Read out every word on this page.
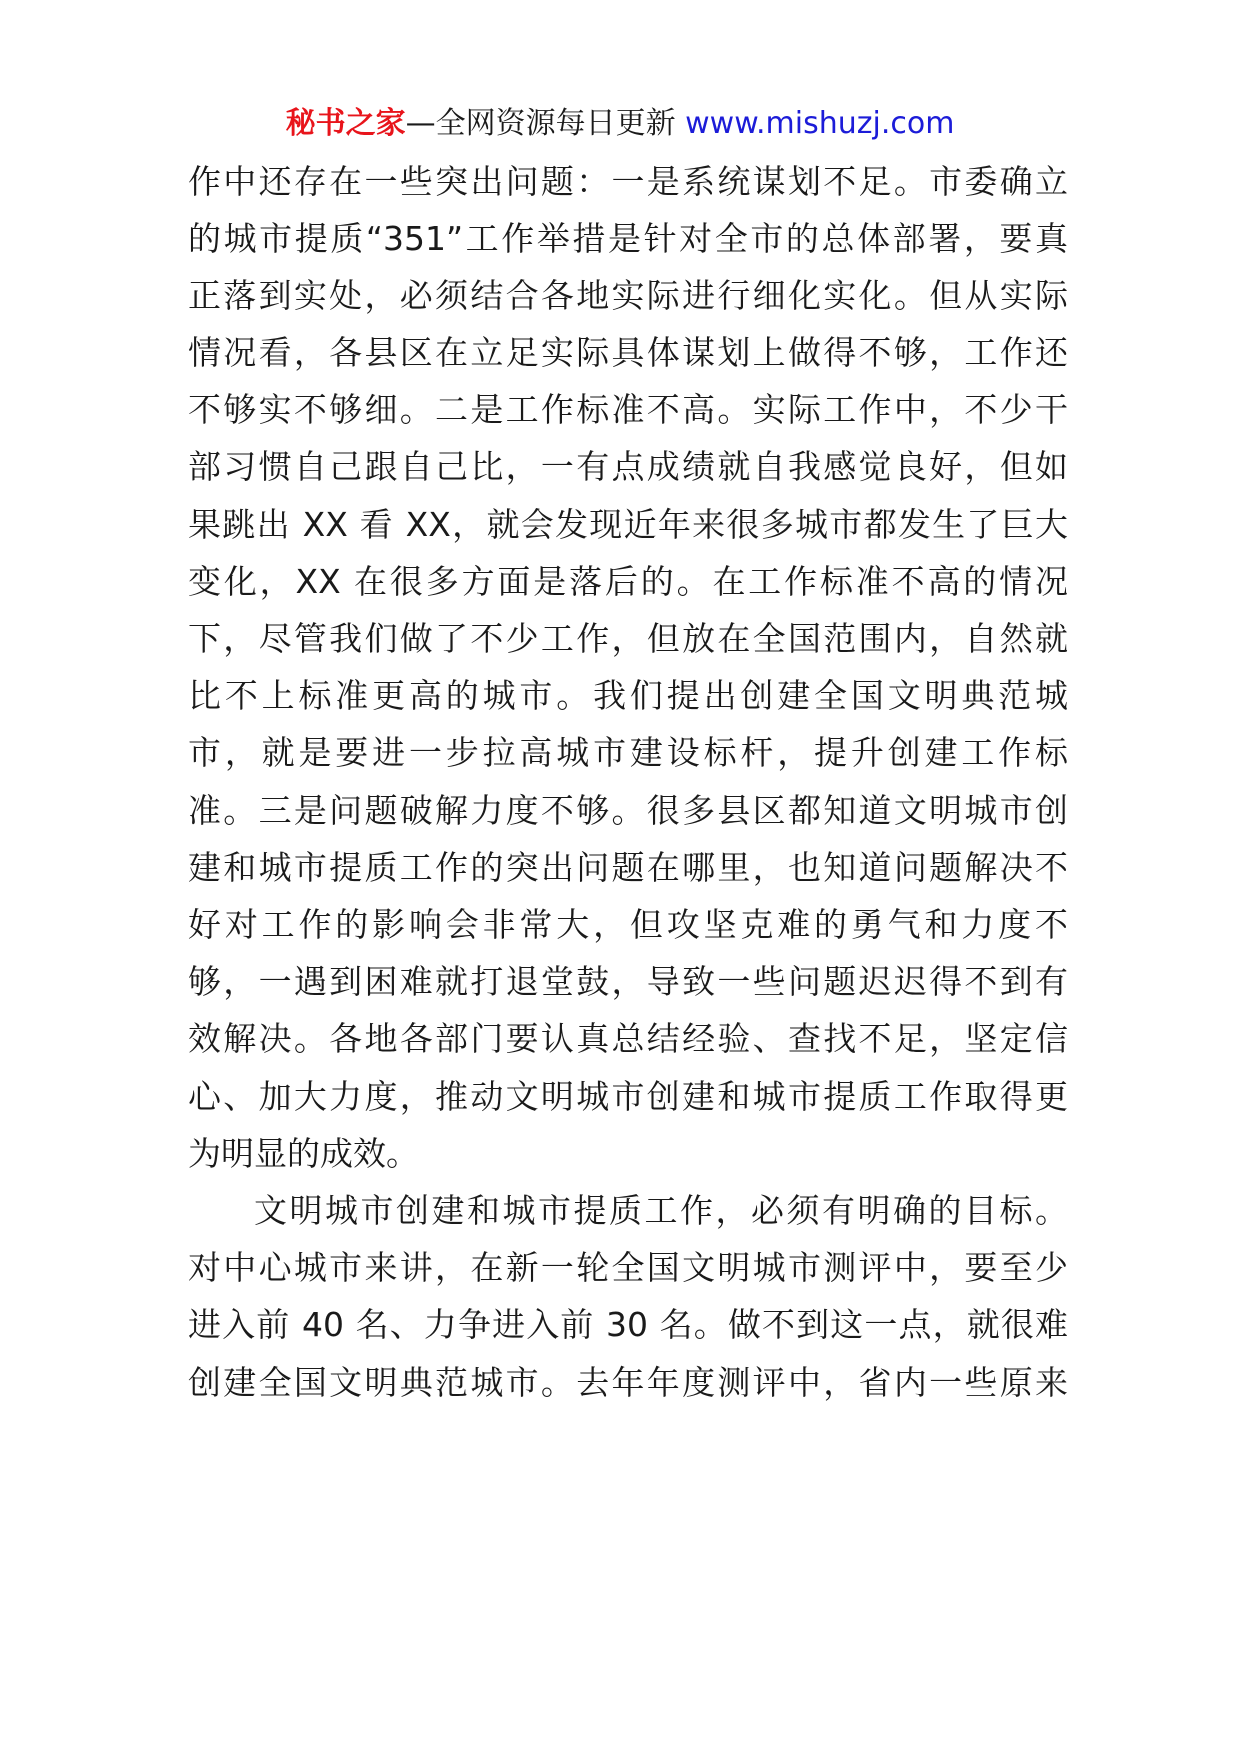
秘书之家—全网资源每日更新 www.mishuzj.com
作中还存在一些突出问题：一是系统谋划不足。市委确立
的城市提质“351”工作举措是针对全市的总体部署，要真
正落到实处，必须结合各地实际进行细化实化。但从实际
情况看，各县区在立足实际具体谋划上做得不够，工作还
不够实不够细。二是工作标准不高。实际工作中，不少干
部习惯自己跟自己比，一有点成绩就自我感觉良好，但如
果跳出 XX 看 XX，就会发现近年来很多城市都发生了巨大
变化，XX 在很多方面是落后的。在工作标准不高的情况
下，尽管我们做了不少工作，但放在全国范围内，自然就
比不上标准更高的城市。我们提出创建全国文明典范城
市，就是要进一步拉高城市建设标杆，提升创建工作标
准。三是问题破解力度不够。很多县区都知道文明城市创
建和城市提质工作的突出问题在哪里，也知道问题解决不
好对工作的影响会非常大，但攻坚克难的勇气和力度不
够，一遇到困难就打退堂鼓，导致一些问题迟迟得不到有
效解决。各地各部门要认真总结经验、查找不足，坚定信
心、加大力度，推动文明城市创建和城市提质工作取得更
为明显的成效。
文明城市创建和城市提质工作，必须有明确的目标。
对中心城市来讲，在新一轮全国文明城市测评中，要至少
进入前 40 名、力争进入前 30 名。做不到这一点，就很难
创建全国文明典范城市。去年年度测评中，省内一些原来
